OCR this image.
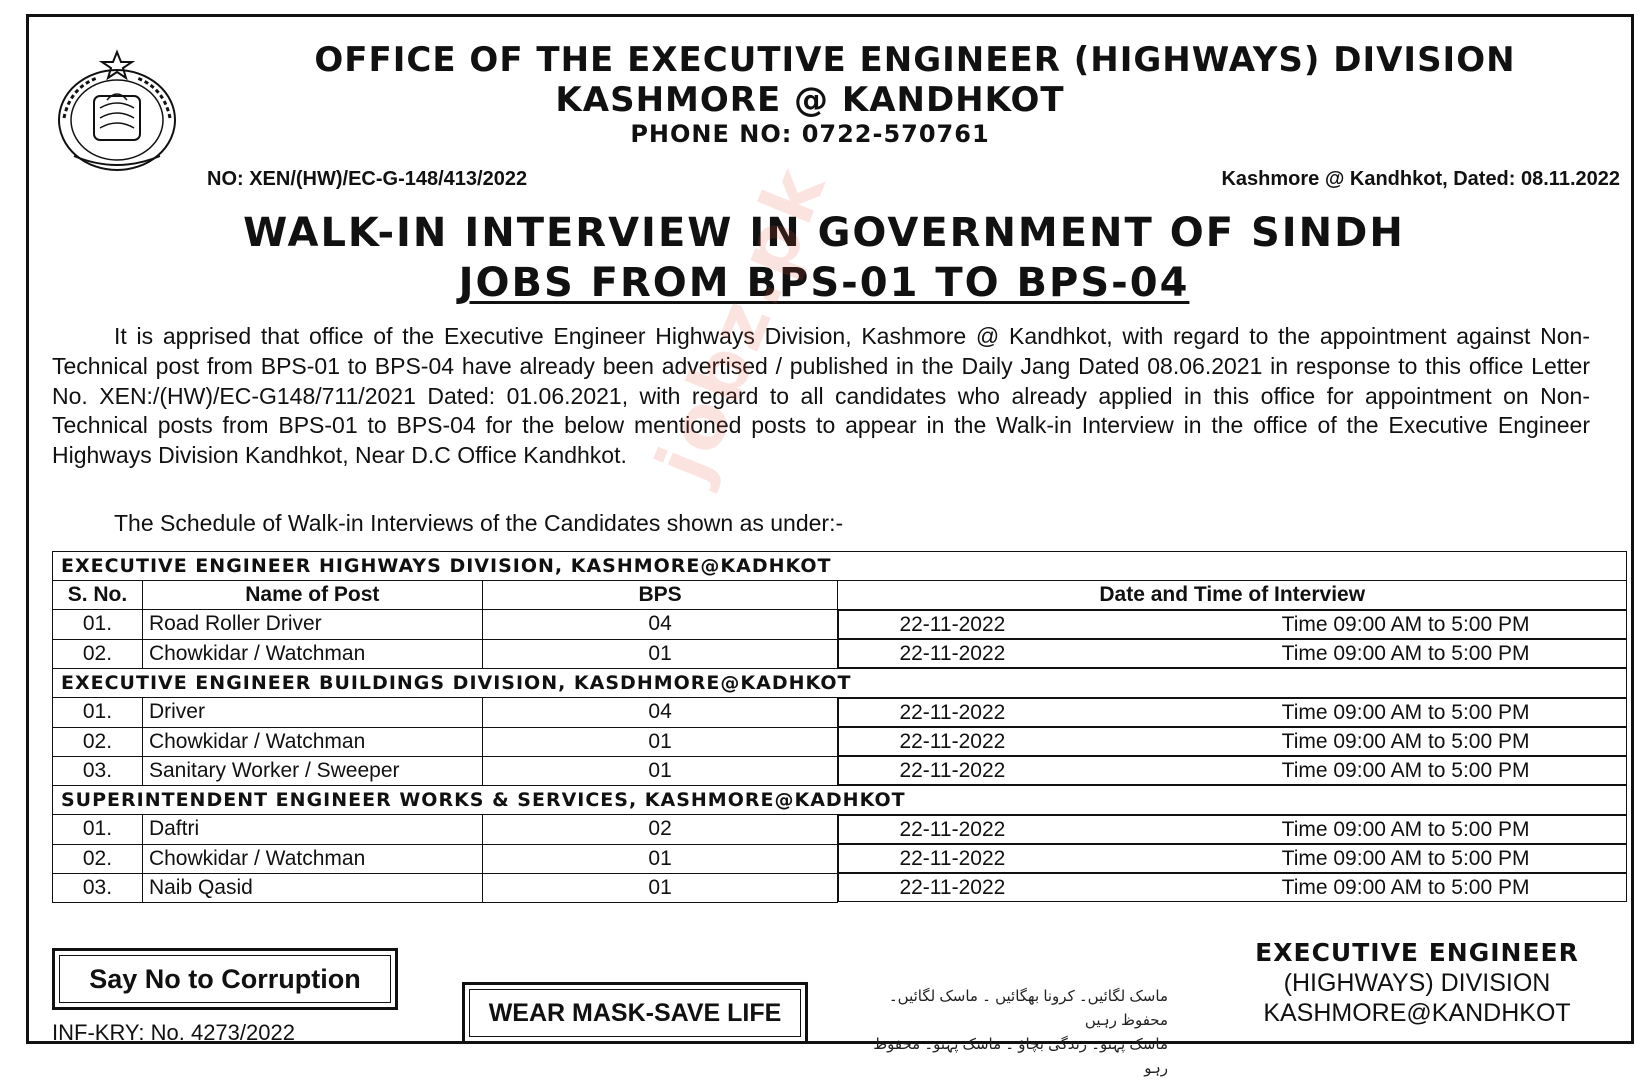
OFFICE OF THE EXECUTIVE ENGINEER (HIGHWAYS) DIVISION
KASHMORE @ KANDHKOT
PHONE NO: 0722-570761
NO: XEN/(HW)/EC-G-148/413/2022	Kashmore @ Kandhkot, Dated: 08.11.2022
WALK-IN INTERVIEW IN GOVERNMENT OF SINDH
JOBS FROM BPS-01 TO BPS-04

It is apprised that office of the Executive Engineer Highways Division, Kashmore @ Kandhkot, with regard to the appointment against Non-Technical post from BPS-01 to BPS-04 have already been advertised / published in the Daily Jang Dated 08.06.2021 in response to this office Letter No. XEN:/(HW)/EC-G148/711/2021 Dated: 01.06.2021, with regard to all candidates who already applied in this office for appointment on Non-Technical posts from BPS-01 to BPS-04 for the below mentioned posts to appear in the Walk-in Interview in the office of the Executive Engineer Highways Division Kandhkot, Near D.C Office Kandhkot.

The Schedule of Walk-in Interviews of the Candidates shown as under:-
jobz.pk
EXECUTIVE ENGINEER HIGHWAYS DIVISION, KASHMORE@KADHKOT			
S. No.	Name of Post	BPS	Date and Time of Interview
01.	Road Roller Driver	04		22-11-2022	Time 09:00 AM to 5:00 PM

02.	Chowkidar / Watchman	01		22-11-2022	Time 09:00 AM to 5:00 PM

EXECUTIVE ENGINEER BUILDINGS DIVISION, KASDHMORE@KADHKOT			
01.	Driver	04		22-11-2022	Time 09:00 AM to 5:00 PM

02.	Chowkidar / Watchman	01		22-11-2022	Time 09:00 AM to 5:00 PM

03.	Sanitary Worker / Sweeper	01		22-11-2022	Time 09:00 AM to 5:00 PM

SUPERINTENDENT ENGINEER WORKS & SERVICES, KASHMORE@KADHKOT			
01.	Daftri	02		22-11-2022	Time 09:00 AM to 5:00 PM

02.	Chowkidar / Watchman	01		22-11-2022	Time 09:00 AM to 5:00 PM

03.	Naib Qasid	01		22-11-2022	Time 09:00 AM to 5:00 PM
Say No to Corruption
INF-KRY: No. 4273/2022
WEAR MASK-SAVE LIFE
ماسک لگائیں۔ کرونا بھگائیں ۔ ماسک لگائیں۔ محفوظ رہیں
ماسک پہنو۔ زندگی بچاؤ ۔ ماسک پہنو۔ محفوظ رہو
EXECUTIVE ENGINEER
(HIGHWAYS) DIVISION
KASHMORE@KANDHKOT
